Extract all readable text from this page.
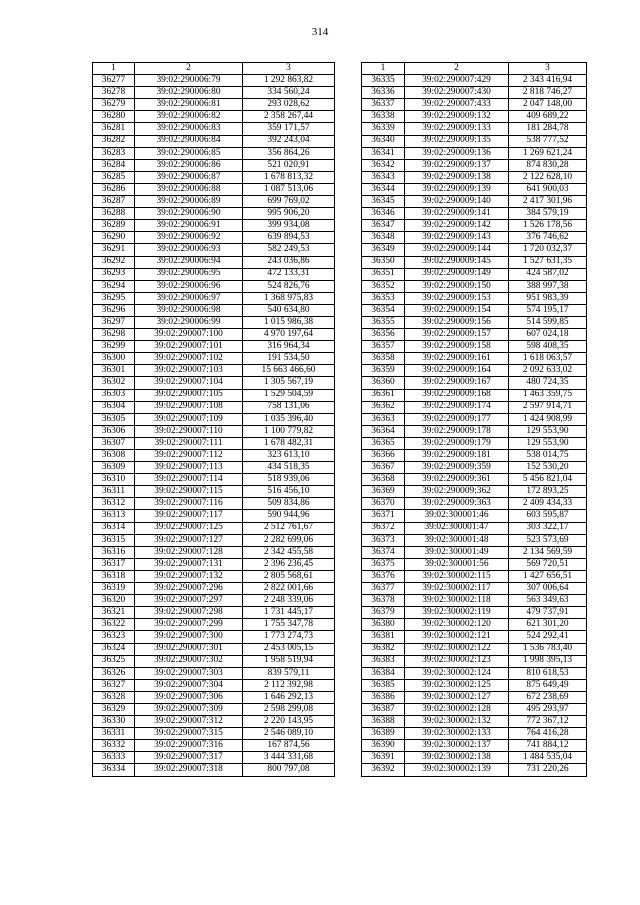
314
1	2	3
36277	39:02:290006:79	1 292 863,82
36278	39:02:290006:80	334 560,24
36279	39:02:290006:81	293 028,62
36280	39:02:290006:82	2 358 267,44
36281	39:02:290006:83	359 171,57
36282	39:02:290006:84	392 243,04
36283	39:02:290006:85	356 864,26
36284	39:02:290006:86	521 020,91
36285	39:02:290006:87	1 678 813,32
36286	39:02:290006:88	1 087 513,06
36287	39:02:290006:89	699 769,02
36288	39:02:290006:90	995 906,20
36289	39:02:290006:91	399 934,08
36290	39:02:290006:92	639 894,53
36291	39:02:290006:93	582 249,53
36292	39:02:290006:94	243 036,86
36293	39:02:290006:95	472 133,31
36294	39:02:290006:96	524 826,76
36295	39:02:290006:97	1 368 975,83
36296	39:02:290006:98	540 634,80
36297	39:02:290006:99	1 015 986,38
36298	39:02:290007:100	4 970 197,64
36299	39:02:290007:101	316 964,34
36300	39:02:290007:102	191 534,50
36301	39:02:290007:103	15 663 466,60
36302	39:02:290007:104	1 305 567,19
36303	39:02:290007:105	1 529 504,59
36304	39:02:290007:108	758 131,06
36305	39:02:290007:109	1 035 396,40
36306	39:02:290007:110	1 100 779,82
36307	39:02:290007:111	1 678 482,31
36308	39:02:290007:112	323 613,10
36309	39:02:290007:113	434 518,35
36310	39:02:290007:114	518 939,06
36311	39:02:290007:115	516 456,10
36312	39:02:290007:116	509 834,86
36313	39:02:290007:117	590 944,96
36314	39:02:290007:125	2 512 761,67
36315	39:02:290007:127	2 282 699,06
36316	39:02:290007:128	2 342 455,58
36317	39:02:290007:131	2 396 236,45
36318	39:02:290007:132	2 805 568,61
36319	39:02:290007:296	2 822 001,66
36320	39:02:290007:297	2 248 339,06
36321	39:02:290007:298	1 731 445,17
36322	39:02:290007:299	1 755 347,78
36323	39:02:290007:300	1 773 274,73
36324	39:02:290007:301	2 453 005,15
36325	39:02:290007:302	1 958 519,94
36326	39:02:290007:303	839 579,11
36327	39:02:290007:304	2 112 392,98
36328	39:02:290007:306	1 646 292,13
36329	39:02:290007:309	2 598 299,08
36330	39:02:290007:312	2 220 143,95
36331	39:02:290007:315	2 546 089,10
36332	39:02:290007:316	167 874,56
36333	39:02:290007:317	3 444 331,68
36334	39:02:290007:318	800 797,08
1	2	3
36335	39:02:290007:429	2 343 416,94
36336	39:02:290007:430	2 818 746,27
36337	39:02:290007:433	2 047 148,00
36338	39:02:290009:132	409 689,22
36339	39:02:290009:133	181 284,78
36340	39:02:290009:135	538 777,52
36341	39:02:290009:136	1 269 621,24
36342	39:02:290009:137	874 830,28
36343	39:02:290009:138	2 122 628,10
36344	39:02:290009:139	641 900,03
36345	39:02:290009:140	2 417 301,96
36346	39:02:290009:141	384 579,19
36347	39:02:290009:142	1 526 178,56
36348	39:02:290009:143	376 746,62
36349	39:02:290009:144	1 720 032,37
36350	39:02:290009:145	1 527 631,35
36351	39:02:290009:149	424 587,02
36352	39:02:290009:150	388 997,38
36353	39:02:290009:153	951 983,39
36354	39:02:290009:154	574 195,17
36355	39:02:290009:156	514 599,85
36356	39:02:290009:157	607 024,18
36357	39:02:290009:158	598 408,35
36358	39:02:290009:161	1 618 063,57
36359	39:02:290009:164	2 092 633,02
36360	39:02:290009:167	480 724,35
36361	39:02:290009:168	1 463 359,75
36362	39:02:290009:174	2 597 914,71
36363	39:02:290009:177	1 424 908,99
36364	39:02:290009:178	129 553,90
36365	39:02:290009:179	129 553,90
36366	39:02:290009:181	538 014,75
36367	39:02:290009:359	152 530,20
36368	39:02:290009:361	5 456 821,04
36369	39:02:290009:362	172 893,25
36370	39:02:290009:363	2 409 434,33
36371	39:02:300001:46	603 595,87
36372	39:02:300001:47	303 322,17
36373	39:02:300001:48	523 573,69
36374	39:02:300001:49	2 134 569,59
36375	39:02:300001:56	569 720,51
36376	39:02:300002:115	1 427 656,51
36377	39:02:300002:117	307 006,64
36378	39:02:300002:118	563 349,63
36379	39:02:300002:119	479 737,91
36380	39:02:300002:120	621 301,20
36381	39:02:300002:121	524 292,41
36382	39:02:300002:122	1 536 783,40
36383	39:02:300002:123	1 998 395,13
36384	39:02:300002:124	810 618,53
36385	39:02:300002:125	875 649,49
36386	39:02:300002:127	672 238,69
36387	39:02:300002:128	495 293,97
36388	39:02:300002:132	772 367,12
36389	39:02:300002:133	764 416,28
36390	39:02:300002:137	741 884,12
36391	39:02:300002:138	1 484 535,04
36392	39:02:300002:139	731 220,26
